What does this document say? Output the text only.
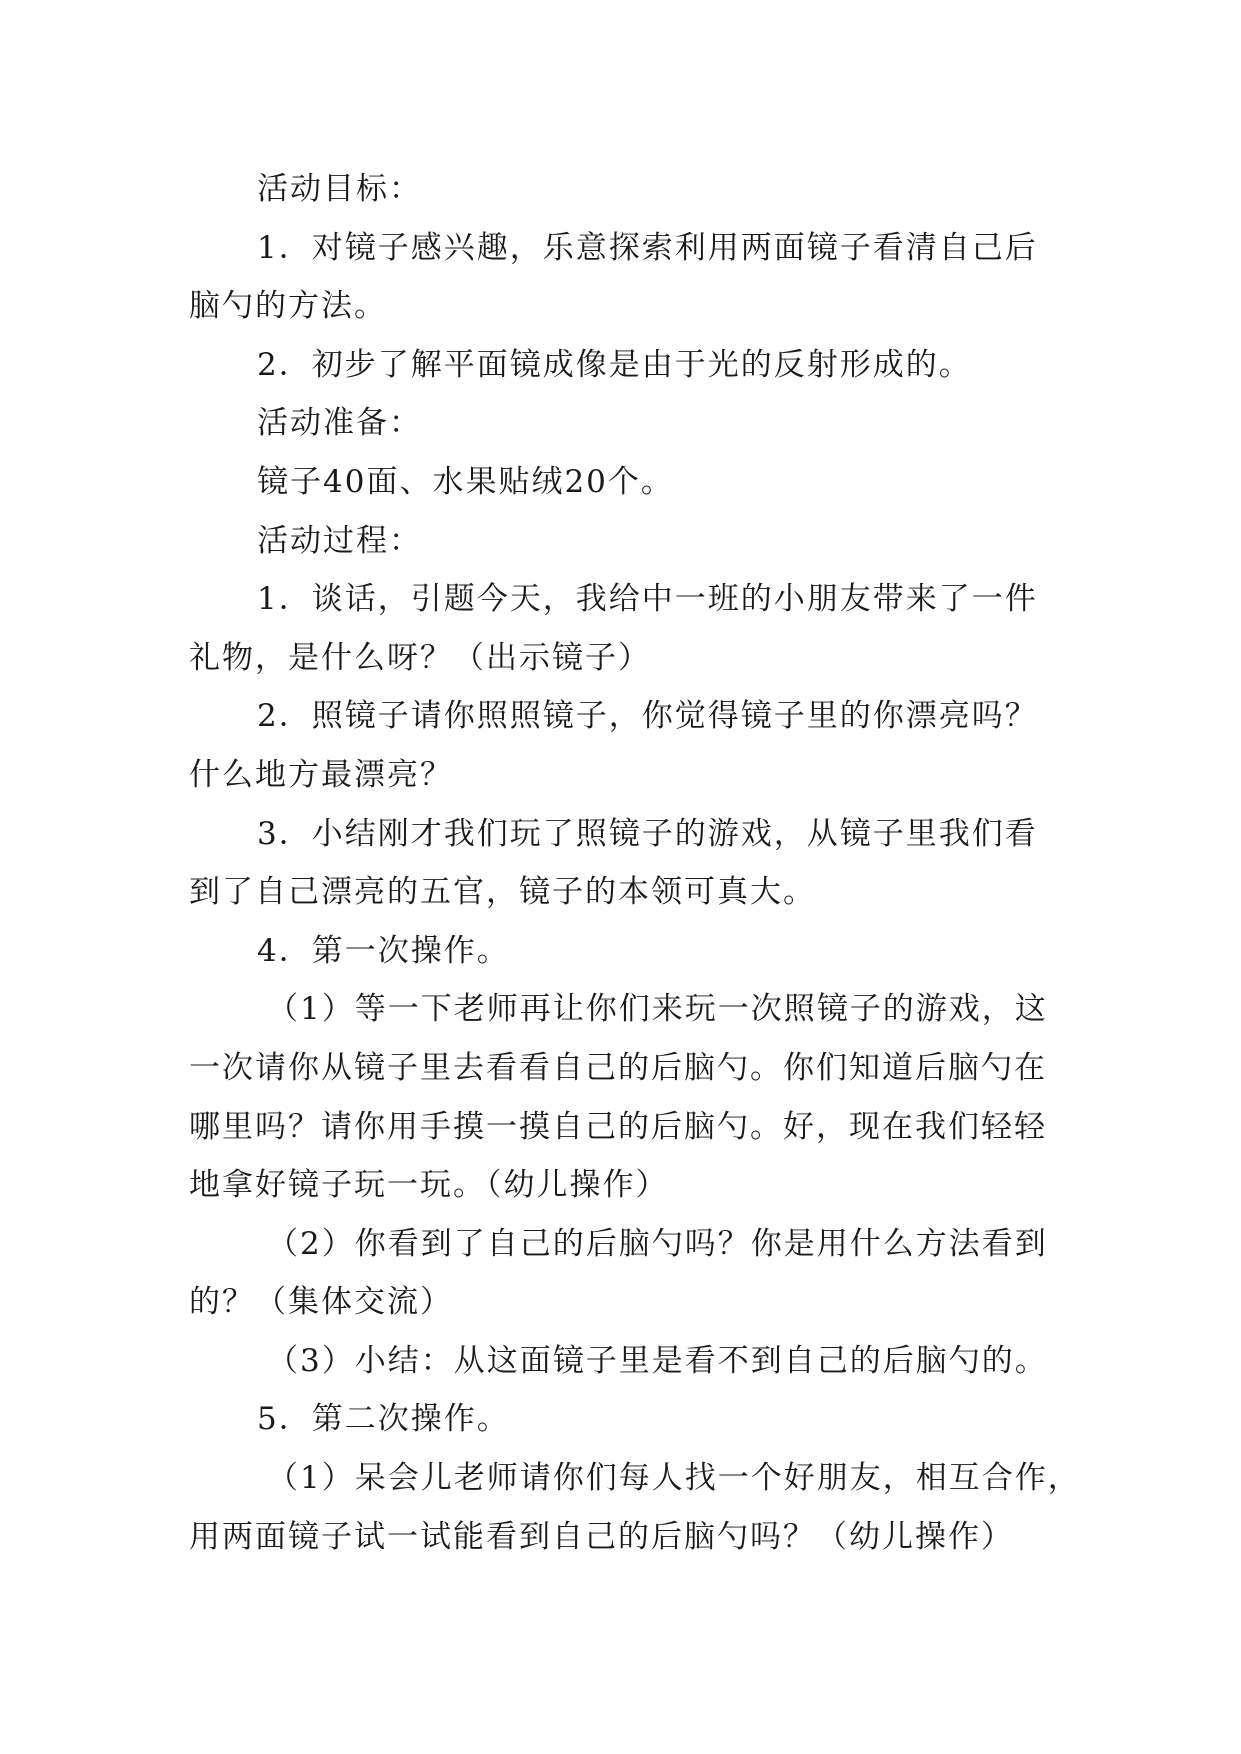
活动目标：
1．对镜子感兴趣，乐意探索利用两面镜子看清自己后
脑勺的方法。
2．初步了解平面镜成像是由于光的反射形成的。
活动准备：
镜子40面、水果贴绒20个。
活动过程：
1．谈话，引题今天，我给中一班的小朋友带来了一件
礼物，是什么呀？（出示镜子）
2．照镜子请你照照镜子，你觉得镜子里的你漂亮吗？
什么地方最漂亮？
3．小结刚才我们玩了照镜子的游戏，从镜子里我们看
到了自己漂亮的五官，镜子的本领可真大。
4．第一次操作。
（1）等一下老师再让你们来玩一次照镜子的游戏，这
一次请你从镜子里去看看自己的后脑勺。你们知道后脑勺在
哪里吗？请你用手摸一摸自己的后脑勺。好，现在我们轻轻
地拿好镜子玩一玩。（幼儿操作）
（2）你看到了自己的后脑勺吗？你是用什么方法看到
的？（集体交流）
（3）小结：从这面镜子里是看不到自己的后脑勺的。
5．第二次操作。
（1）呆会儿老师请你们每人找一个好朋友，相互合作，
用两面镜子试一试能看到自己的后脑勺吗？（幼儿操作）
